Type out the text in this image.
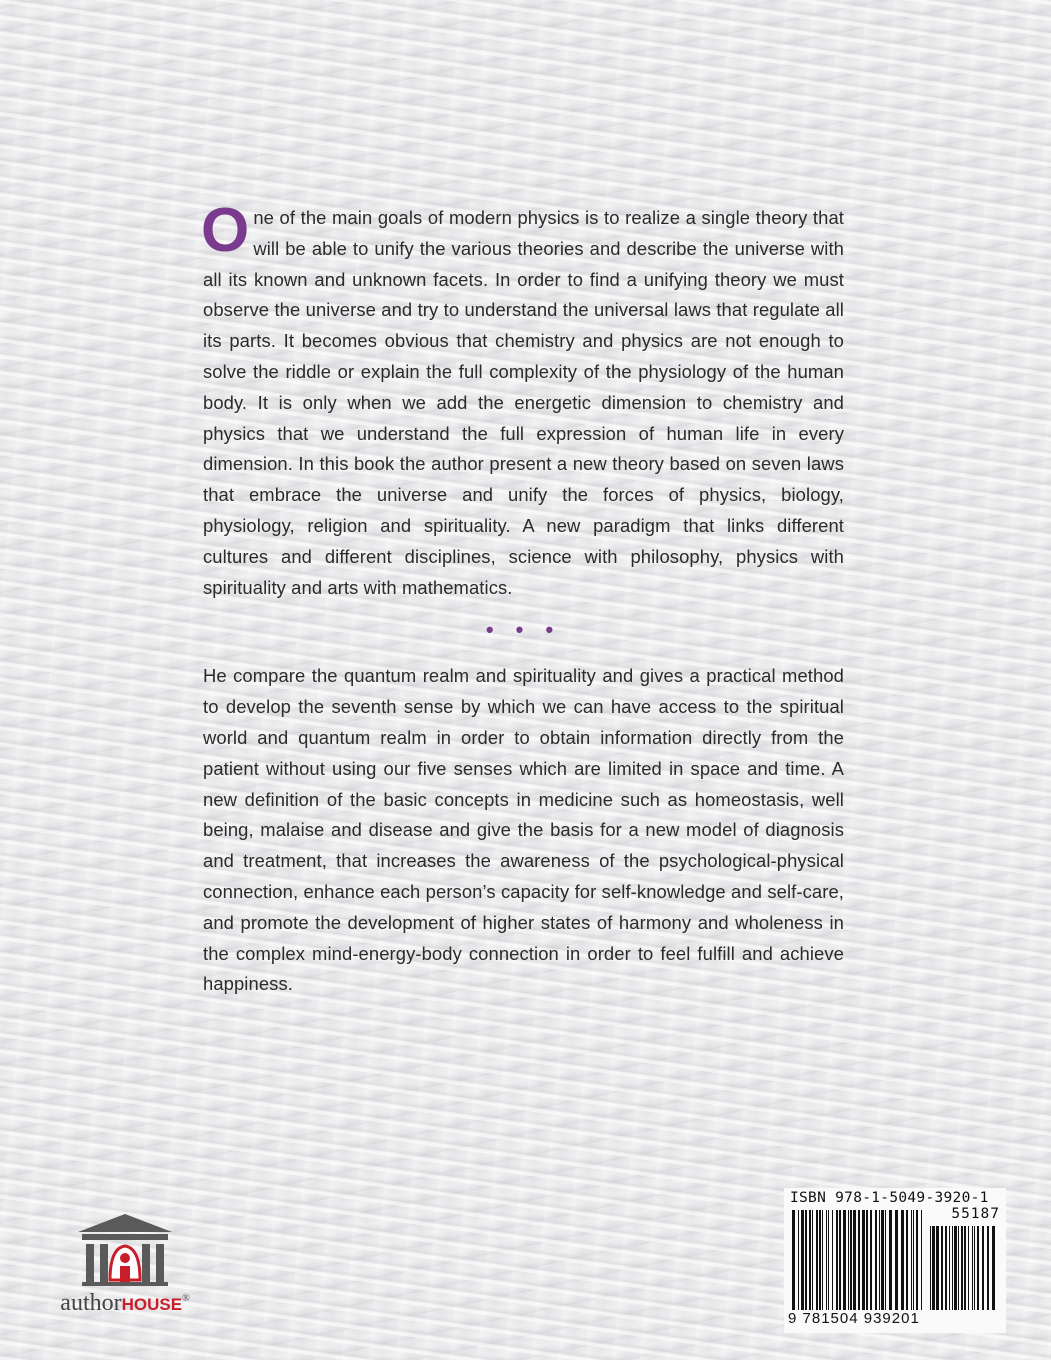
One of the main goals of modern physics is to realize a single theory that will be able to unify the various theories and describe the universe with all its known and unknown facets. In order to find a unifying theory we must observe the universe and try to understand the universal laws that regulate all its parts. It becomes obvious that chemistry and physics are not enough to solve the riddle or explain the full complexity of the physiology of the human body. It is only when we add the energetic dimension to chemistry and physics that we understand the full expression of human life in every dimension. In this book the author present a new theory based on seven laws that embrace the universe and unify the forces of physics, biology, physiology, religion and spirituality. A new paradigm that links different cultures and different disciplines, science with philosophy, physics with spirituality and arts with mathematics.

• • •

He compare the quantum realm and spirituality and gives a practical method to develop the seventh sense by which we can have access to the spiritual world and quantum realm in order to obtain information directly from the patient without using our five senses which are limited in space and time. A new definition of the basic concepts in medicine such as homeostasis, well being, malaise and disease and give the basis for a new model of diagnosis and treatment, that increases the awareness of the psychological-physical connection, enhance each person’s capacity for self-knowledge and self-care, and promote the development of higher states of harmony and wholeness in the complex mind-energy-body connection in order to feel fulfill and achieve happiness.

authorHOUSE®
ISBN 978-1-5049-3920-1
55187
9 781504 939201
